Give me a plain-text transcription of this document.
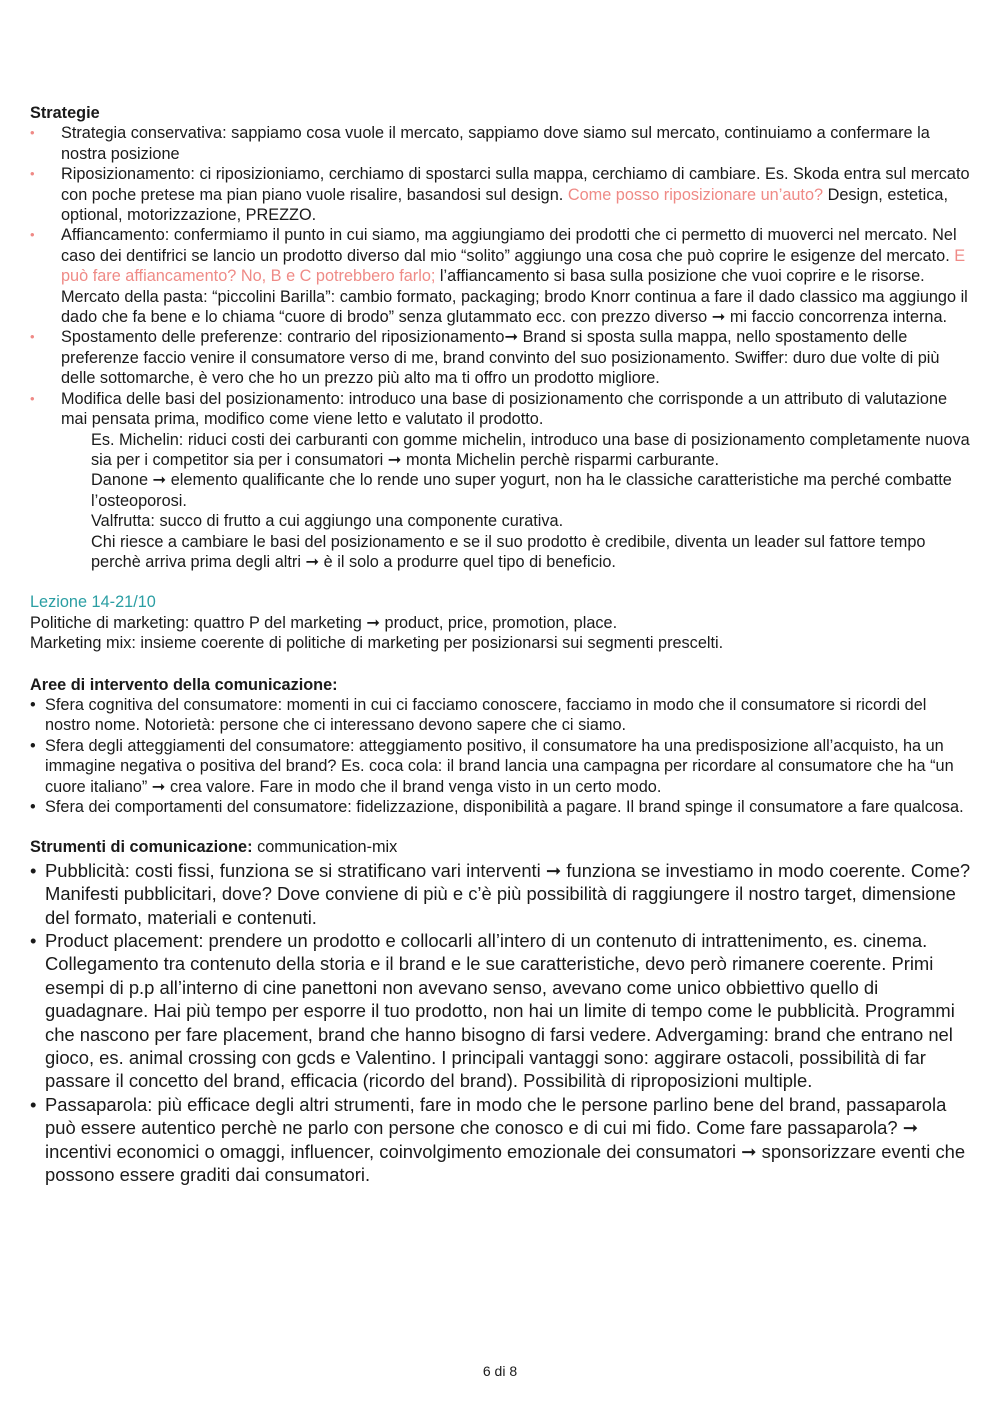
Strategie
• Strategia conservativa: sappiamo cosa vuole il mercato, sappiamo dove siamo sul mercato, continuiamo a confermare la nostra posizione
• Riposizionamento: ci riposizioniamo, cerchiamo di spostarci sulla mappa, cerchiamo di cambiare. Es. Skoda entra sul mercato con poche pretese ma pian piano vuole risalire, basandosi sul design. Come posso riposizionare un’auto? Design, estetica, optional, motorizzazione, PREZZO.
• Affiancamento: confermiamo il punto in cui siamo, ma aggiungiamo dei prodotti che ci permetto di muoverci nel mercato. Nel caso dei dentifrici se lancio un prodotto diverso dal mio “solito” aggiungo una cosa che può coprire le esigenze del mercato. E può fare affiancamento? No, B e C potrebbero farlo; l’affiancamento si basa sulla posizione che vuoi coprire e le risorse. Mercato della pasta: “piccolini Barilla”: cambio formato, packaging; brodo Knorr continua a fare il dado classico ma aggiungo il dado che fa bene e lo chiama “cuore di brodo” senza glutammato ecc. con prezzo diverso ➞ mi faccio concorrenza interna.
• Spostamento delle preferenze: contrario del riposizionamento➞ Brand si sposta sulla mappa, nello spostamento delle preferenze faccio venire il consumatore verso di me, brand convinto del suo posizionamento. Swiffer: duro due volte di più delle sottomarche, è vero che ho un prezzo più alto ma ti offro un prodotto migliore.
• Modifica delle basi del posizionamento: introduco una base di posizionamento che corrisponde a un attributo di valutazione mai pensata prima, modifico come viene letto e valutato il prodotto.

Es. Michelin: riduci costi dei carburanti con gomme michelin, introduco una base di posizionamento completamente nuova sia per i competitor sia per i consumatori ➞ monta Michelin perchè risparmi carburante.

Danone ➞ elemento qualificante che lo rende uno super yogurt, non ha le classiche caratteristiche ma perché combatte l’osteoporosi.

Valfrutta: succo di frutto a cui aggiungo una componente curativa.

Chi riesce a cambiare le basi del posizionamento e se il suo prodotto è credibile, diventa un leader sul fattore tempo perchè arriva prima degli altri ➞ è il solo a produrre quel tipo di beneficio.

Lezione 14-21/10
Politiche di marketing: quattro P del marketing ➞ product, price, promotion, place.
Marketing mix: insieme coerente di politiche di marketing per posizionarsi sui segmenti prescelti.
Aree di intervento della comunicazione:
• Sfera cognitiva del consumatore: momenti in cui ci facciamo conoscere, facciamo in modo che il consumatore si ricordi del nostro nome. Notorietà: persone che ci interessano devono sapere che ci siamo.
• Sfera degli atteggiamenti del consumatore: atteggiamento positivo, il consumatore ha una predisposizione all’acquisto, ha un immagine negativa o positiva del brand? Es. coca cola: il brand lancia una campagna per ricordare al consumatore che ha “un cuore italiano” ➞ crea valore. Fare in modo che il brand venga visto in un certo modo.
• Sfera dei comportamenti del consumatore: fidelizzazione, disponibilità a pagare. Il brand spinge il consumatore a fare qualcosa.
Strumenti di comunicazione: communication-mix
• Pubblicità: costi fissi, funziona se si stratificano vari interventi ➞ funziona se investiamo in modo coerente. Come? Manifesti pubblicitari, dove? Dove conviene di più e c’è più possibilità di raggiungere il nostro target, dimensione del formato, materiali e contenuti.
• Product placement: prendere un prodotto e collocarli all’intero di un contenuto di intrattenimento, es. cinema. Collegamento tra contenuto della storia e il brand e le sue caratteristiche, devo però rimanere coerente. Primi esempi di p.p all’interno di cine panettoni non avevano senso, avevano come unico obbiettivo quello di guadagnare. Hai più tempo per esporre il tuo prodotto, non hai un limite di tempo come le pubblicità. Programmi che nascono per fare placement, brand che hanno bisogno di farsi vedere. Advergaming: brand che entrano nel gioco, es. animal crossing con gcds e Valentino. I principali vantaggi sono: aggirare ostacoli, possibilità di far passare il concetto del brand, efficacia (ricordo del brand). Possibilità di riproposizioni multiple.
• Passaparola: più efficace degli altri strumenti, fare in modo che le persone parlino bene del brand, passaparola può essere autentico perchè ne parlo con persone che conosco e di cui mi fido. Come fare passaparola? ➞ incentivi economici o omaggi, influencer, coinvolgimento emozionale dei consumatori ➞ sponsorizzare eventi che possono essere graditi dai consumatori.
6 di 8
